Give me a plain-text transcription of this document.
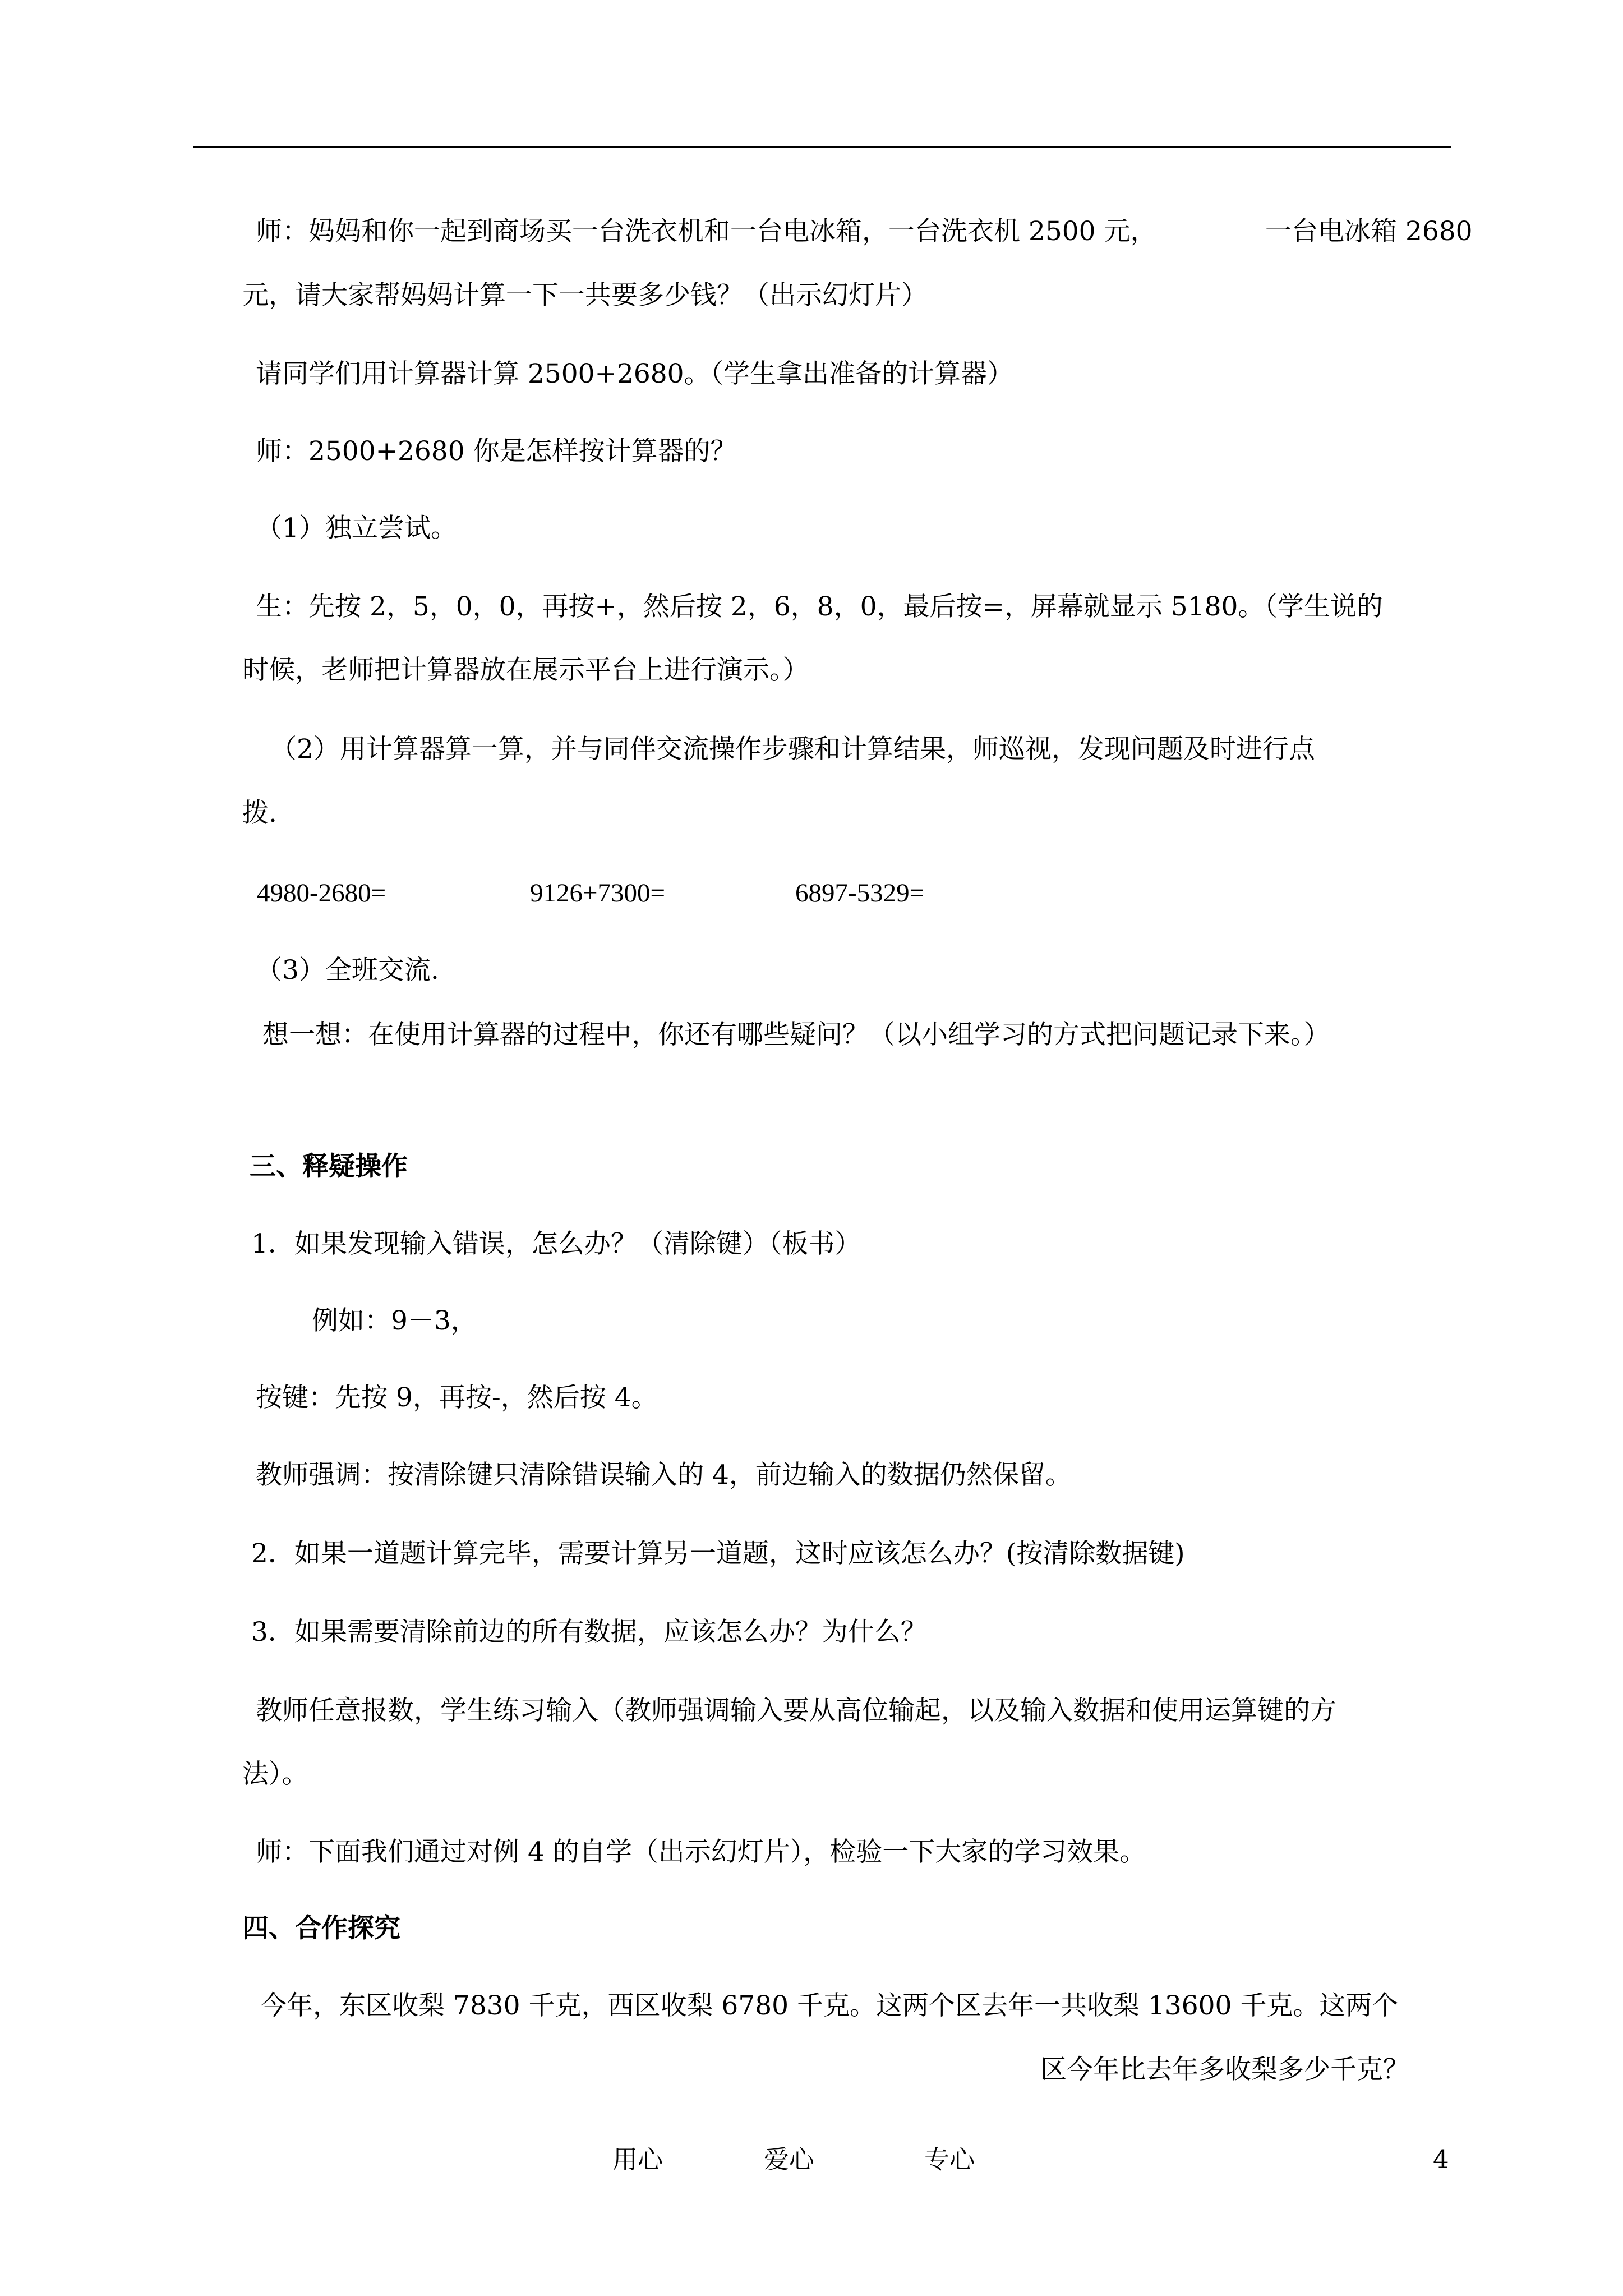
师：妈妈和你一起到商场买一台洗衣机和一台电冰箱，一台洗衣机 2500 元，	一台电冰箱 2680
元，请大家帮妈妈计算一下一共要多少钱？（出示幻灯片）
请同学们用计算器计算 2500+2680。（学生拿出准备的计算器）
师：2500+2680 你是怎样按计算器的？
（1）独立尝试。
生：先按 2，5，0，0，再按+，然后按 2，6，8，0，最后按=，屏幕就显示 5180。（学生说的
时候，老师把计算器放在展示平台上进行演示。）
（2）用计算器算一算，并与同伴交流操作步骤和计算结果，师巡视，发现问题及时进行点
拨.
4980-2680=	9126+7300=	6897-5329=
（3）全班交流.
想一想：在使用计算器的过程中，你还有哪些疑问？（以小组学习的方式把问题记录下来。）
三、释疑操作
1．如果发现输入错误，怎么办？（清除键）（板书）
例如：9－3，
按键：先按 9，再按-，然后按 4。
教师强调：按清除键只清除错误输入的 4，前边输入的数据仍然保留。
2．如果一道题计算完毕，需要计算另一道题，这时应该怎么办？(按清除数据键)
3．如果需要清除前边的所有数据，应该怎么办？为什么？
教师任意报数，学生练习输入（教师强调输入要从高位输起，以及输入数据和使用运算键的方
法）。
师：下面我们通过对例 4 的自学（出示幻灯片），检验一下大家的学习效果。
四、合作探究
今年，东区收梨 7830 千克，西区收梨 6780 千克。这两个区去年一共收梨 13600 千克。这两个
区今年比去年多收梨多少千克？
用心	爱心	专心	4
